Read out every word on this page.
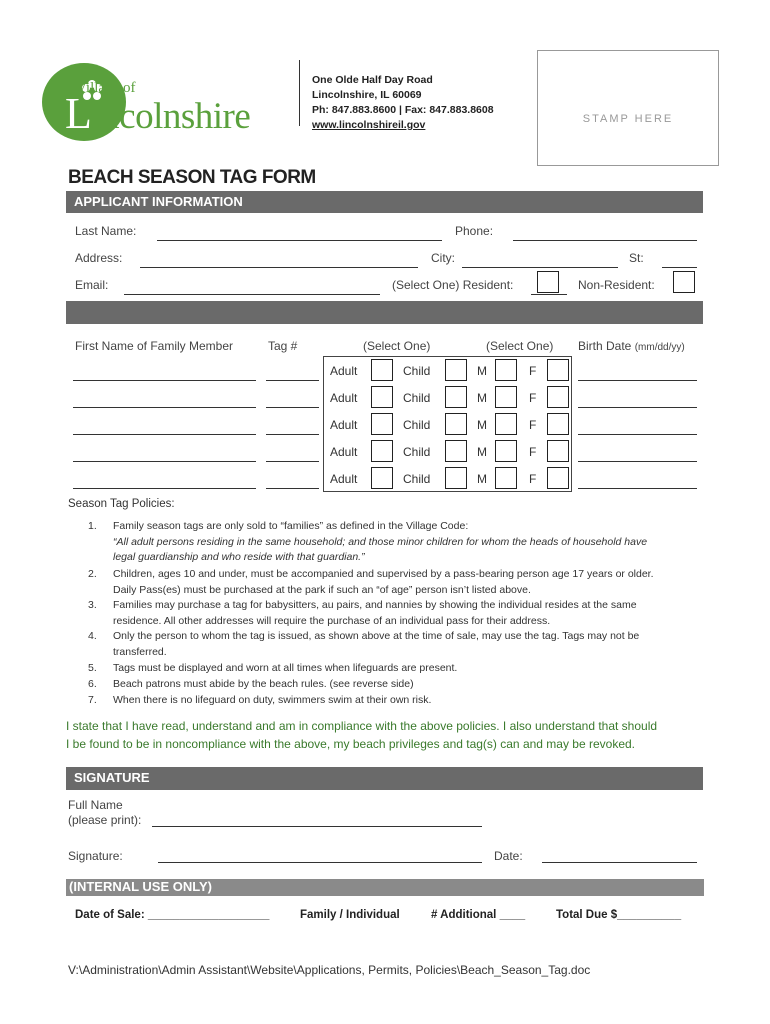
Village of
Lincolnshire
One Olde Half Day Road
Lincolnshire, IL 60069
Ph: 847.883.8600 | Fax: 847.883.8608
www.lincolnshireil.gov	STAMP HERE
BEACH SEASON TAG FORM
APPLICANT INFORMATION
Last Name:	Phone:
Address:	City:	St:
Email:	(Select One) Resident:	Non-Resident:
First Name of Family Member	Tag #	(Select One)	(Select One) Birth Date (mm/dd/yy)
Adult	Child	M	F
Adult	Child	M	F
Adult	Child	M	F
Adult	Child	M	F
Adult	Child	M	F
Season Tag Policies:
1. Family season tags are only sold to “families” as defined in the Village Code:
“All adult persons residing in the same household; and those minor children for whom the heads of household have
legal guardianship and who reside with that guardian.”
2. Children, ages 10 and under, must be accompanied and supervised by a pass-bearing person age 17 years or older.
Daily Pass(es) must be purchased at the park if such an “of age” person isn’t listed above.
3. Families may purchase a tag for babysitters, au pairs, and nannies by showing the individual resides at the same
residence. All other addresses will require the purchase of an individual pass for their address.
4. Only the person to whom the tag is issued, as shown above at the time of sale, may use the tag. Tags may not be
transferred.
5. Tags must be displayed and worn at all times when lifeguards are present.
6. Beach patrons must abide by the beach rules. (see reverse side)
7. When there is no lifeguard on duty, swimmers swim at their own risk.
I state that I have read, understand and am in compliance with the above policies. I also understand that should
I be found to be in noncompliance with the above, my beach privileges and tag(s) can and may be revoked.
SIGNATURE
Full Name
(please print):
Signature:	Date:
(INTERNAL USE ONLY)
Date of Sale: ___________________	Family / Individual	# Additional ____	Total Due $__________
V:\Administration\Admin Assistant\Website\Applications, Permits, Policies\Beach_Season_Tag.doc
